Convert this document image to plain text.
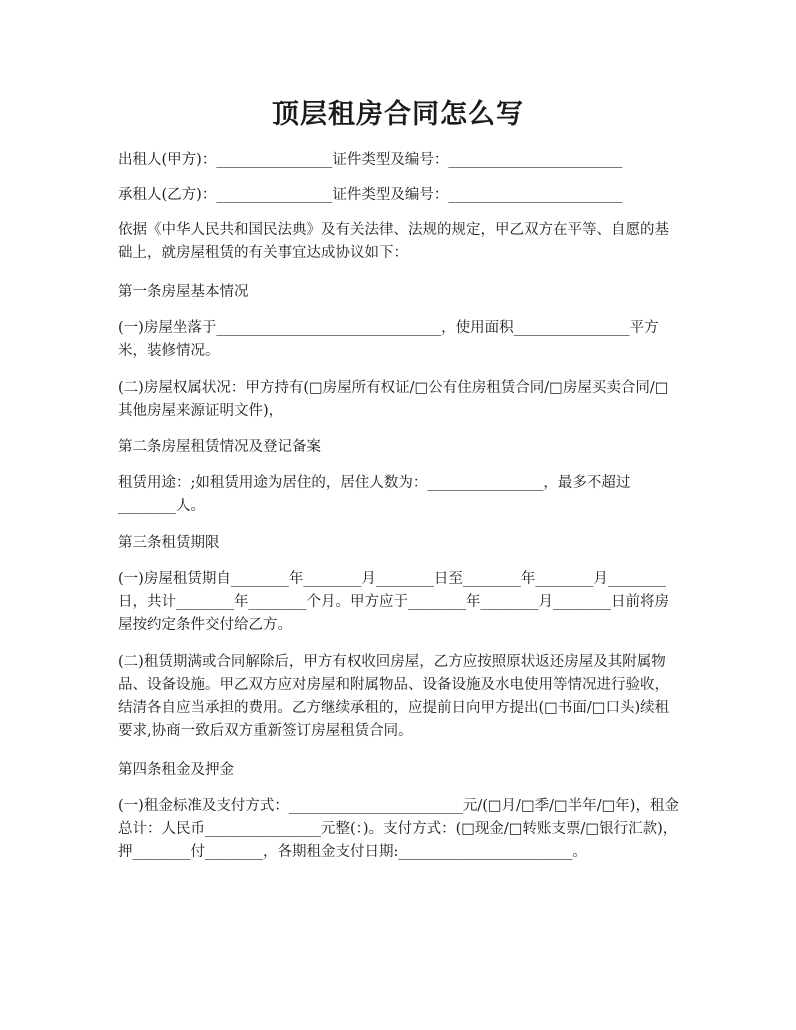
顶层租房合同怎么写

出租人(甲方)：________________证件类型及编号：________________________

承租人(乙方)：________________证件类型及编号：________________________

依据《中华人民共和国民法典》及有关法律、法规的规定，甲乙双方在平等、自愿的基础上，就房屋租赁的有关事宜达成协议如下：

第一条房屋基本情况

(一)房屋坐落于_______________________________，使用面积________________平方米，装修情况。

(二)房屋权属状况：甲方持有(□房屋所有权证/□公有住房租赁合同/□房屋买卖合同/□其他房屋来源证明文件)，

第二条房屋租赁情况及登记备案

租赁用途：;如租赁用途为居住的，居住人数为：________________，最多不超过________人。

第三条租赁期限

(一)房屋租赁期自________年________月________日至________年________月________日，共计________年________个月。甲方应于________年________月________日前将房屋按约定条件交付给乙方。

(二)租赁期满或合同解除后，甲方有权收回房屋，乙方应按照原状返还房屋及其附属物品、设备设施。甲乙双方应对房屋和附属物品、设备设施及水电使用等情况进行验收，结清各自应当承担的费用。乙方继续承租的，应提前日向甲方提出(□书面/□口头)续租要求,协商一致后双方重新签订房屋租赁合同。

第四条租金及押金

(一)租金标准及支付方式：________________________元/(□月/□季/□半年/□年)，租金总计：人民币________________元整(：)。支付方式：(□现金/□转账支票/□银行汇款)，押________付________，各期租金支付日期:________________________。
